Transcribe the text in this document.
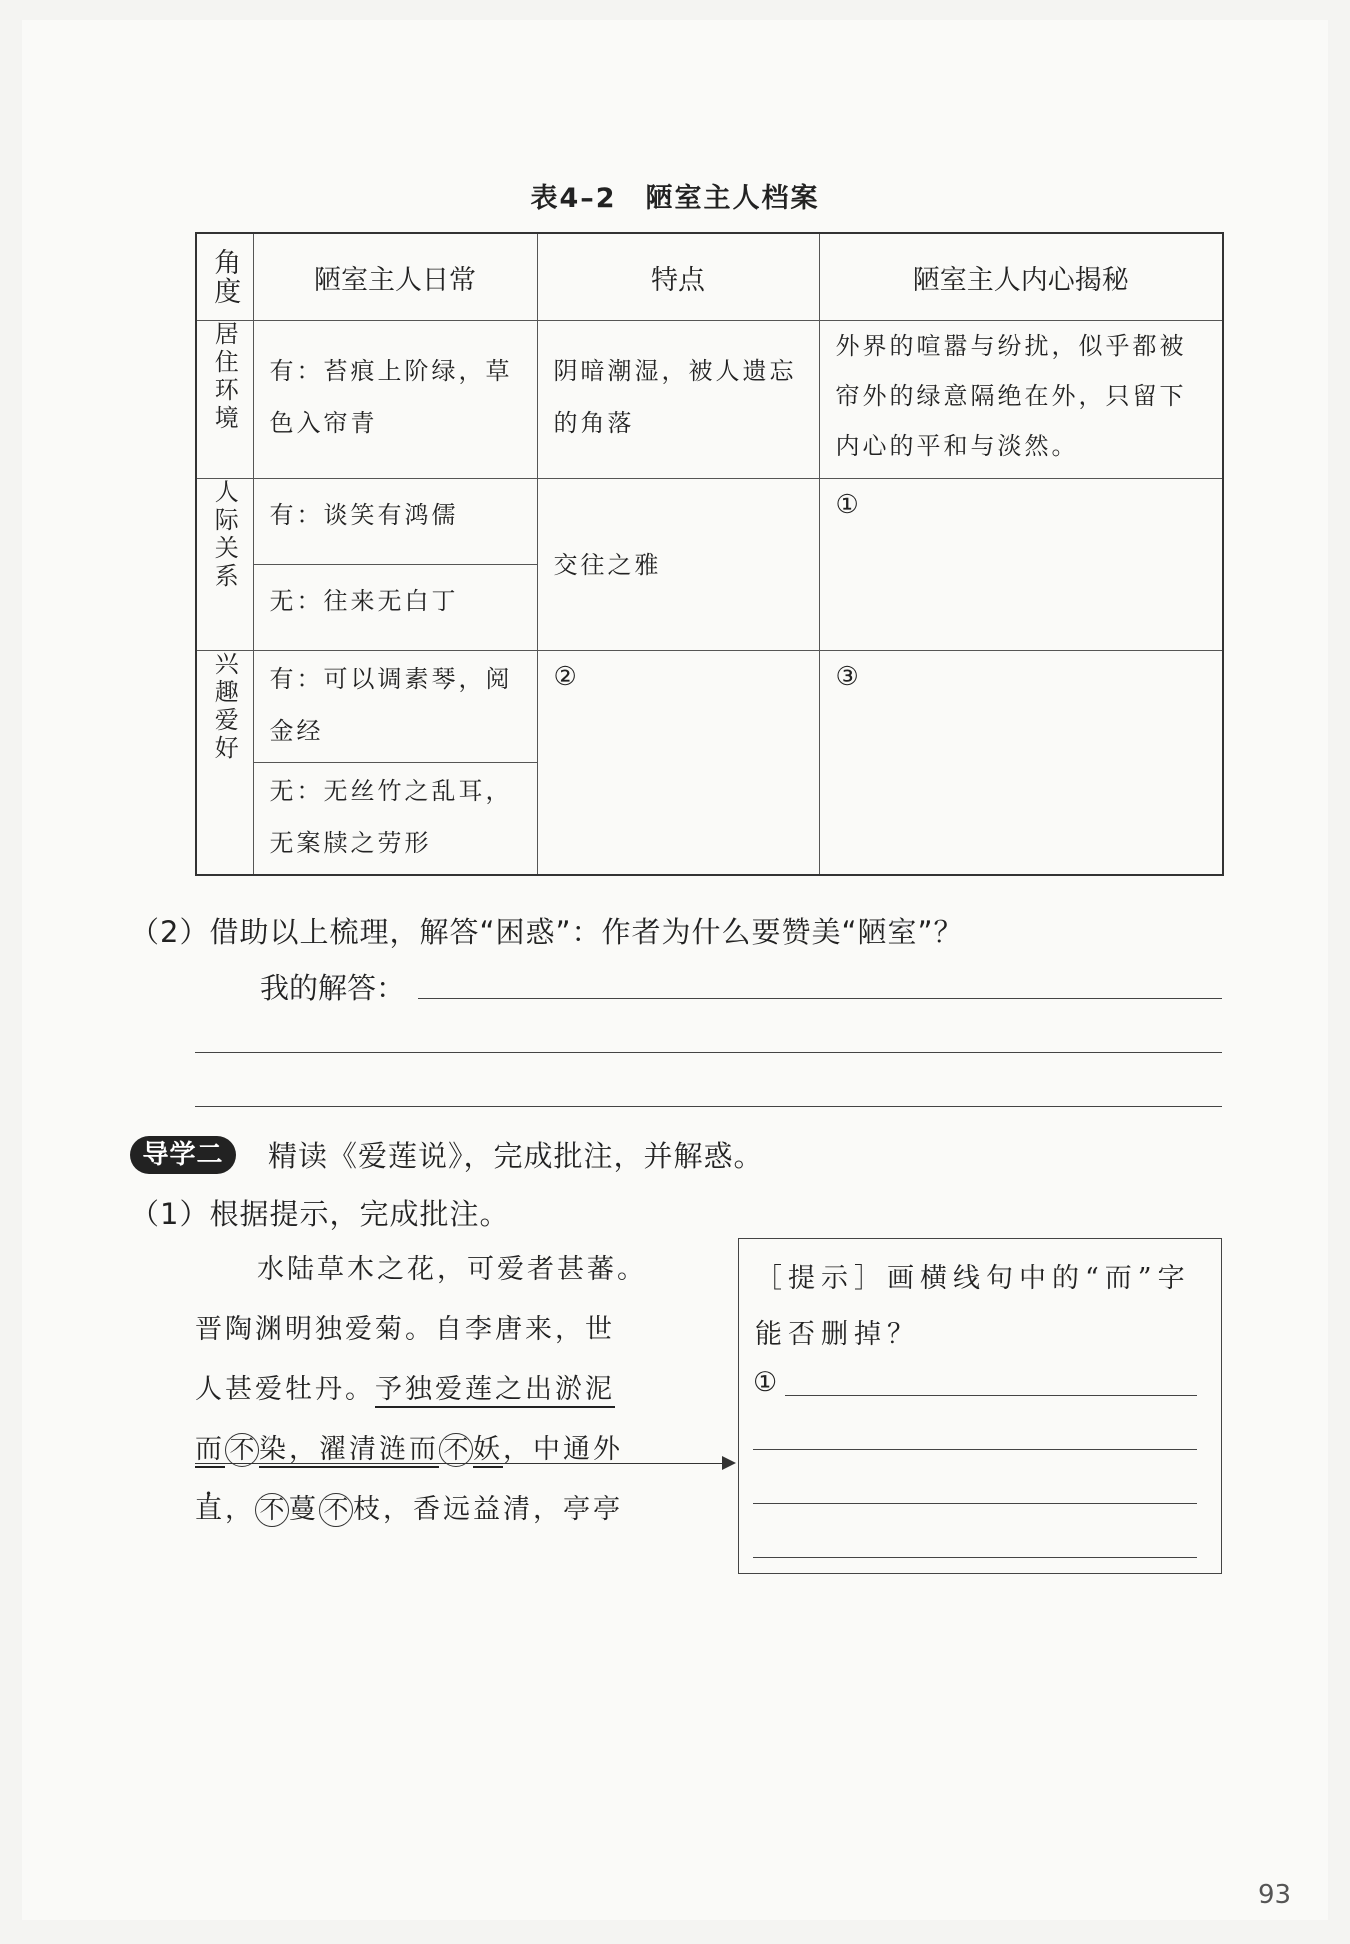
表4–2　陋室主人档案
角度	陋室主人日常	特点	陋室主人内心揭秘

居住环境	有：苔痕上阶绿，草色入帘青	阴暗潮湿，被人遗忘的角落	外界的喧嚣与纷扰，似乎都被帘外的绿意隔绝在外，只留下内心的平和与淡然。

人际关系	有：谈笑有鸿儒	交往之雅	①

	无：往来无白丁		

兴趣爱好	有：可以调素琴，阅金经	②	③

	无：无丝竹之乱耳，无案牍之劳形		
（2）借助以上梳理，解答“困惑”：作者为什么要赞美“陋室”？
我的解答：
导学二	精读《爱莲说》，完成批注，并解惑。
（1）根据提示，完成批注。
水陆草木之花，可爱者甚蕃。
晋陶渊明独爱菊。自李唐来，世
人甚爱牡丹。予独爱莲之出淤泥
而 不 染，濯清涟而 不 妖，中通外
直， 不 蔓 不 枝，香远益清，亭亭
［提示］画横线句中的“而”字能否删掉？
①
93
